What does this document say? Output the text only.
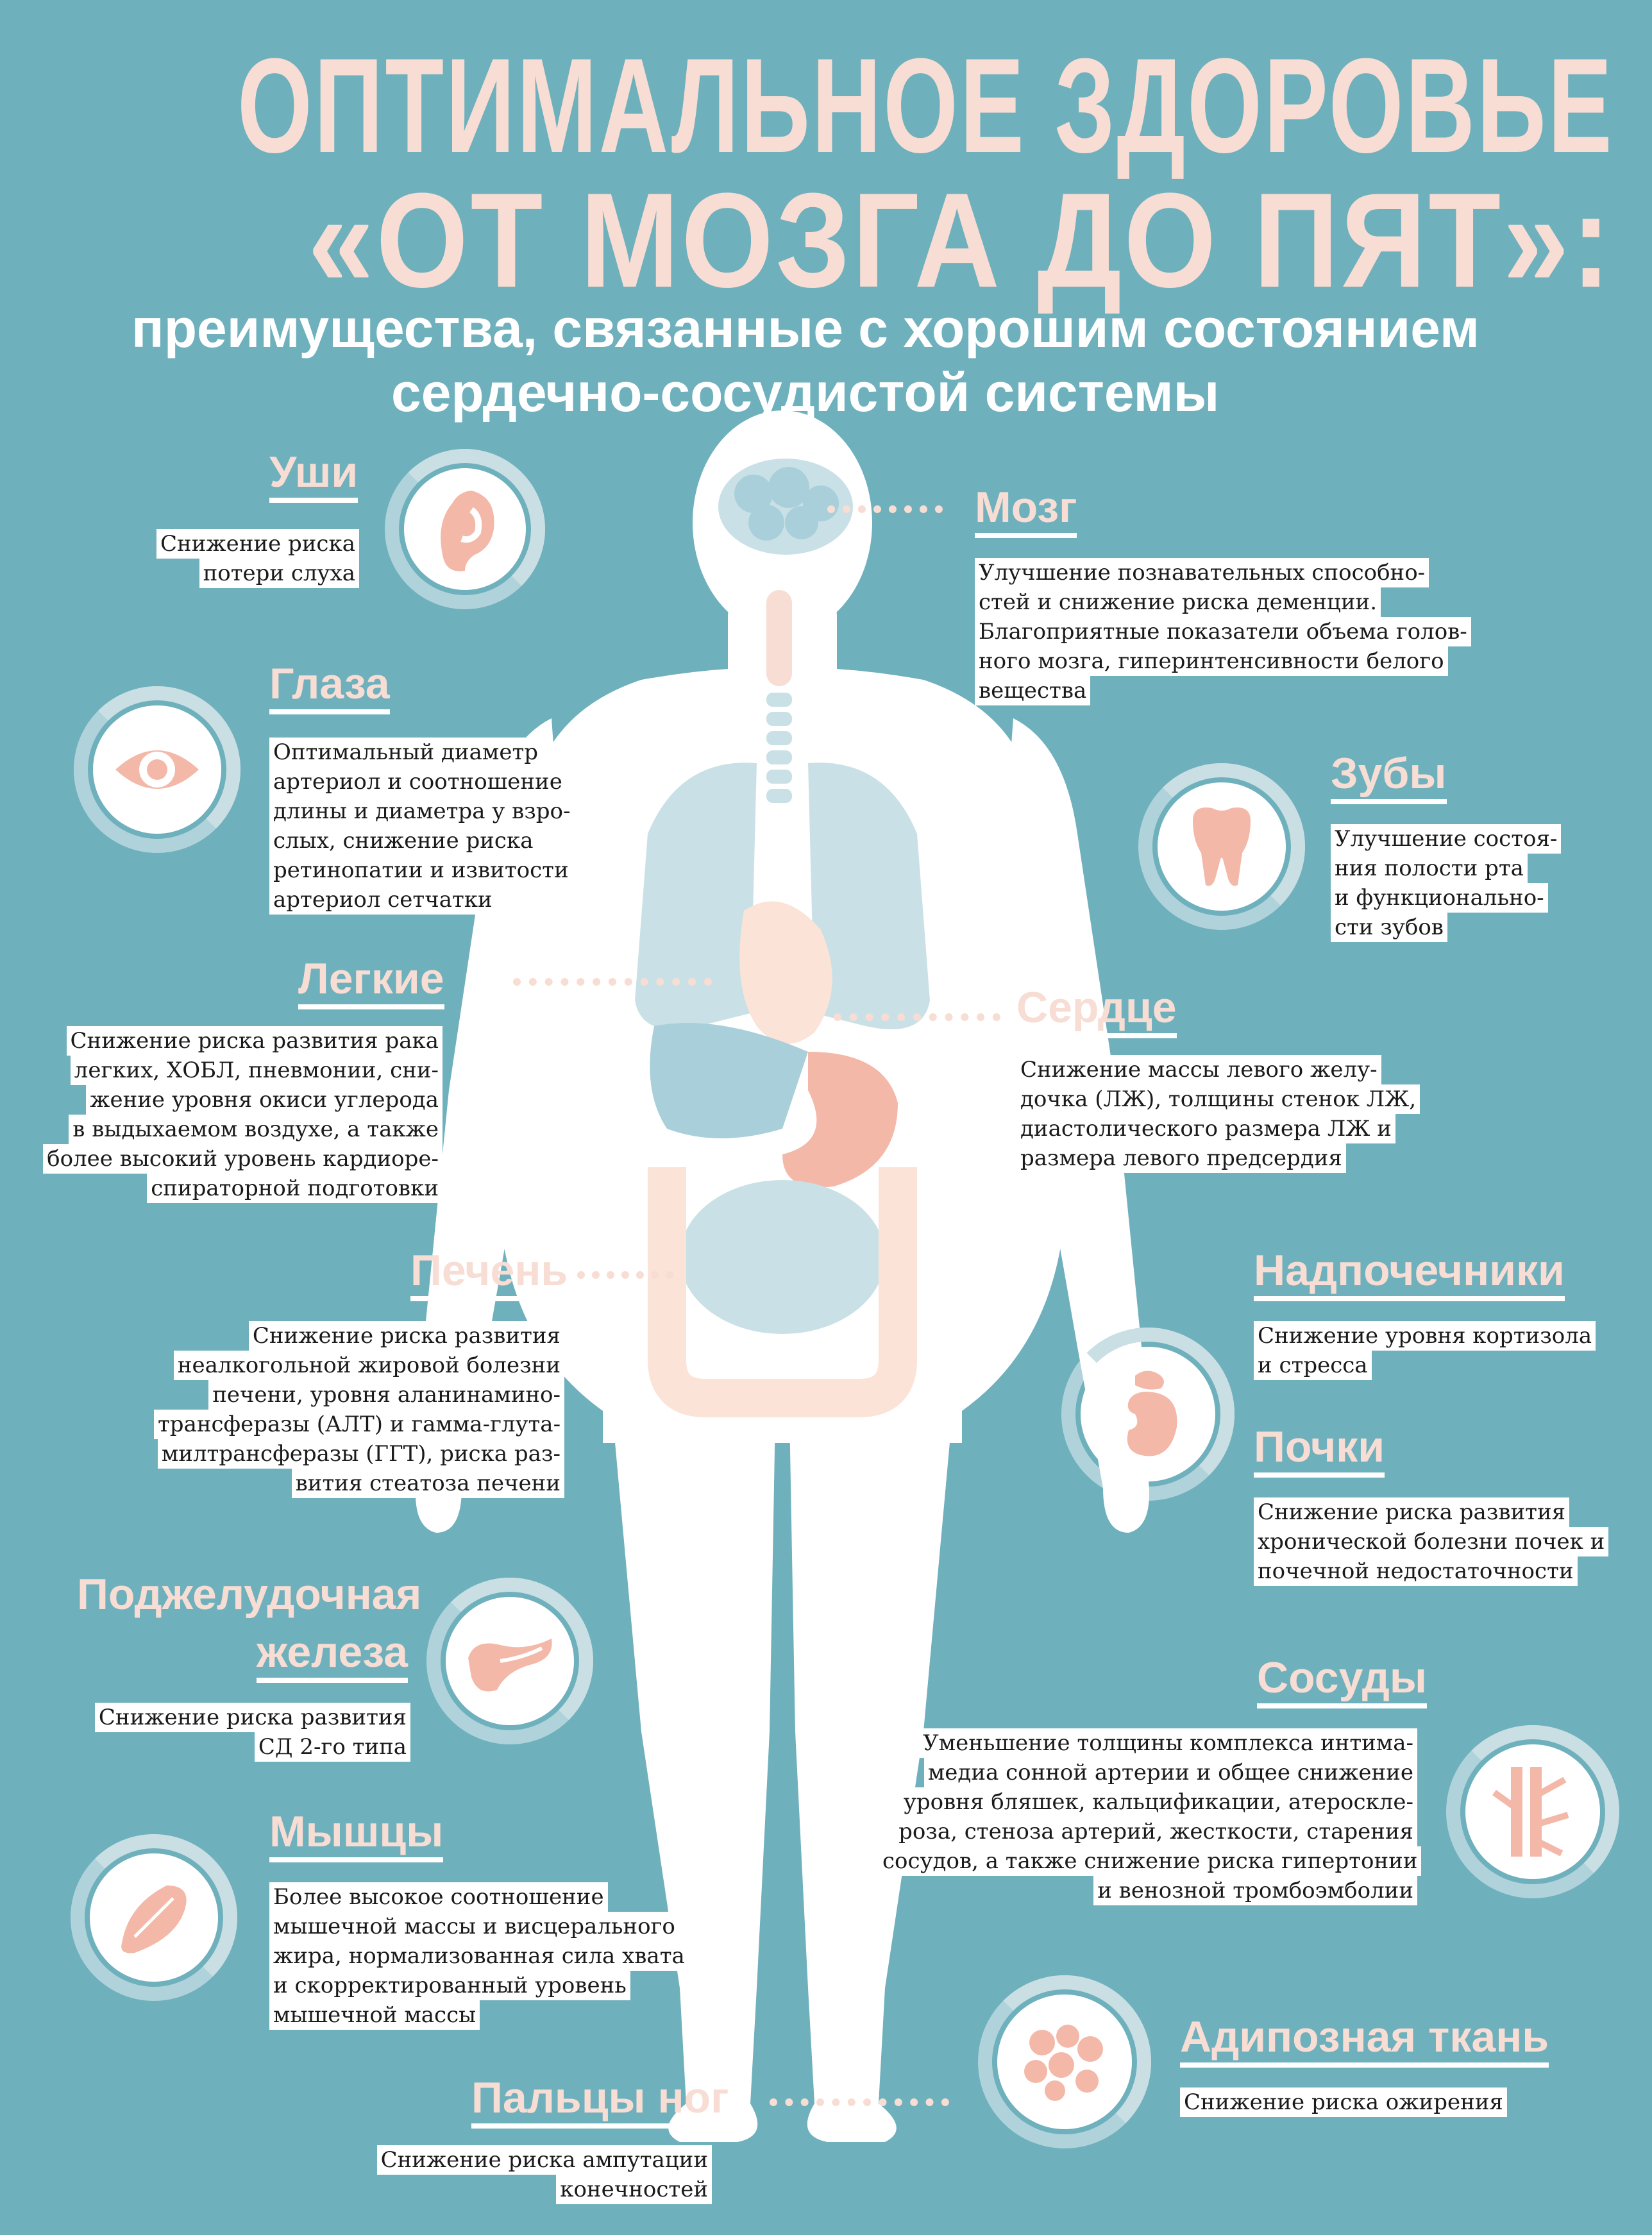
ОПТИМАЛЬНОЕ ЗДОРОВЬЕ
«ОТ МОЗГА ДО ПЯТ»:
преимущества, связанные с хорошим состоянием
сердечно-сосудистой системы
Уши
Снижение риска
потери слуха
Глаза
Оптимальный диаметр
артериол и соотношение
длины и диаметра у взро-
слых, снижение риска
ретинопатии и извитости
артериол сетчатки
Легкие
Снижение риска развития рака
легких, ХОБЛ, пневмонии, сни-
жение уровня окиси углерода
в выдыхаемом воздухе, а также
более высокий уровень кардиоре-
спираторной подготовки
Печень
Снижение риска развития
неалкогольной жировой болезни
печени, уровня аланинамино-
трансферазы (АЛТ) и гамма-глута-
милтрансферазы (ГГТ), риска раз-
вития стеатоза печени
Поджелудочная
железа
Снижение риска развития
СД 2-го типа
Мышцы
Более высокое соотношение
мышечной массы и висцерального
жира, нормализованная сила хвата
и скорректированный уровень
мышечной массы
Пальцы ног
Снижение риска ампутации
конечностей
Мозг
Улучшение познавательных способно-
стей и снижение риска деменции.
Благоприятные показатели объема голов-
ного мозга, гиперинтенсивности белого
вещества
Зубы
Улучшение состоя-
ния полости рта
и функционально-
сти зубов
Сердце
Снижение массы левого желу-
дочка (ЛЖ), толщины стенок ЛЖ,
диастолического размера ЛЖ и
размера левого предсердия
Надпочечники
Снижение уровня кортизола
и стресса
Почки
Снижение риска развития
хронической болезни почек и
почечной недостаточности
Сосуды
Уменьшение толщины комплекса интима-
медиа сонной артерии и общее снижение
уровня бляшек, кальцификации, атероскле-
роза, стеноза артерий, жесткости, старения
сосудов, а также снижение риска гипертонии
и венозной тромбоэмболии
Адипозная ткань
Снижение риска ожирения
